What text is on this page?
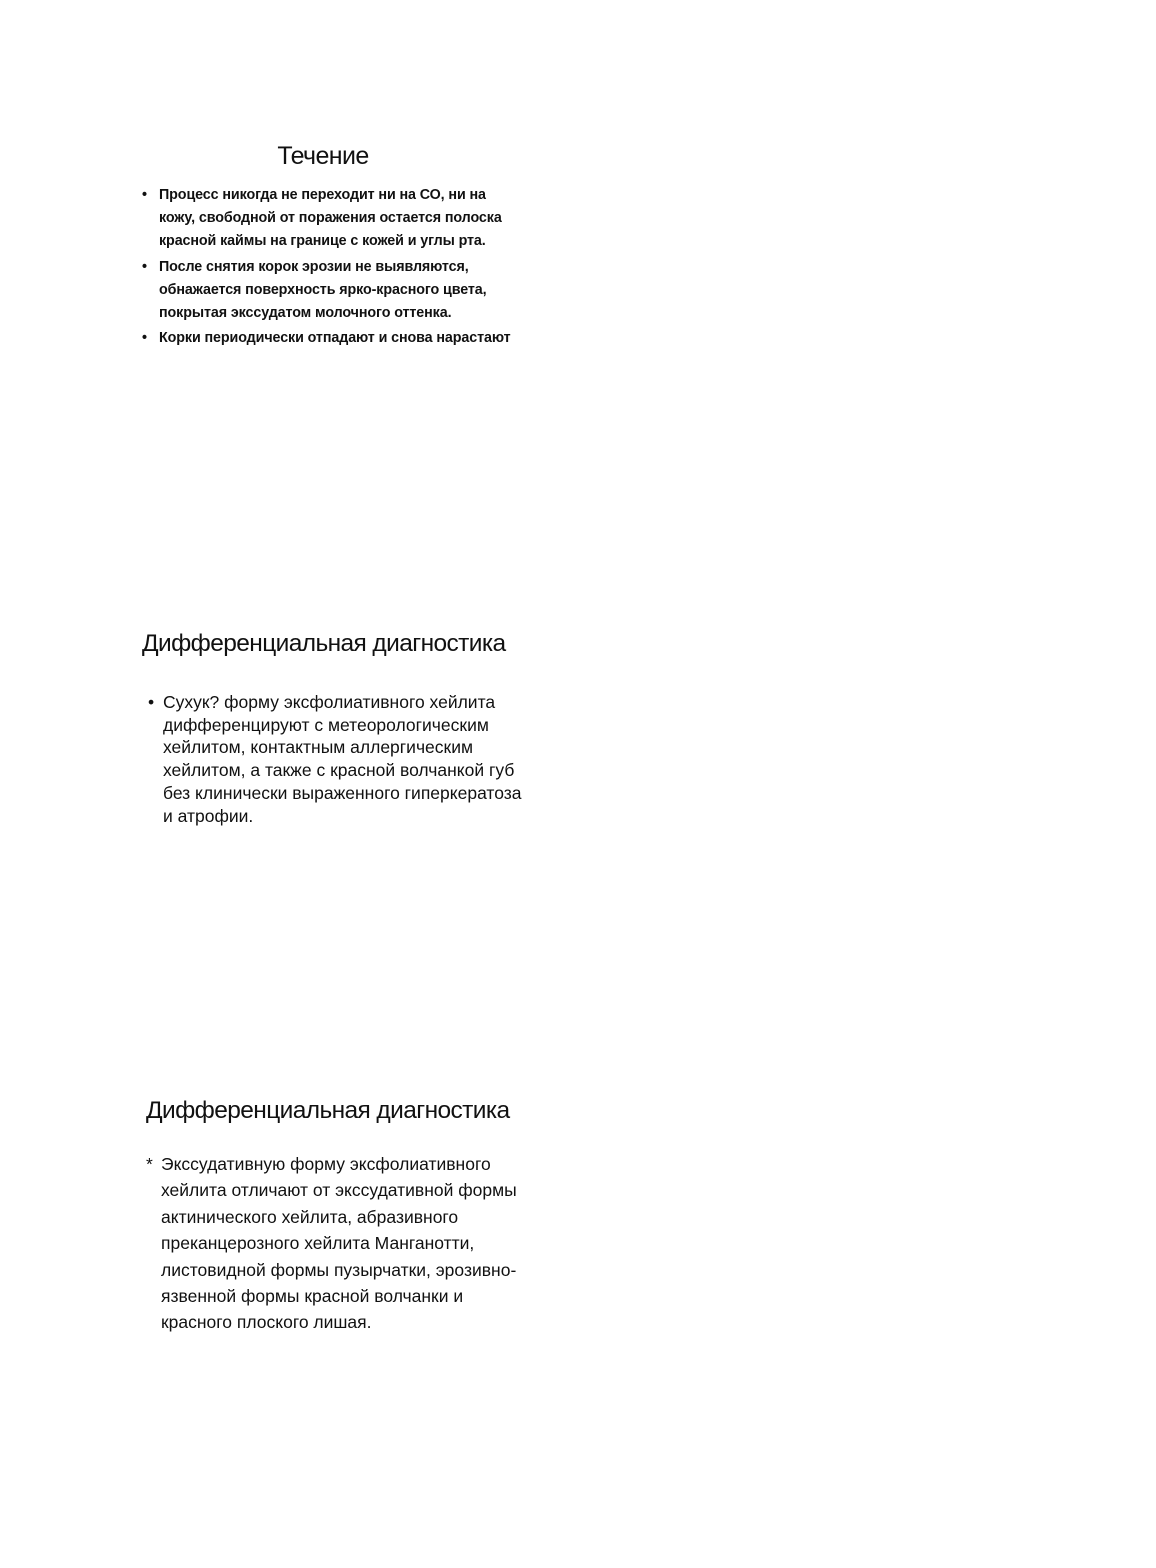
Течение
• Процесс никогда не переходит ни на СО, ни на кожу, свободной от поражения остается полоска красной каймы на границе с кожей и углы рта.
• После снятия корок эрозии не выявляются, обнажается поверхность ярко-красного цвета, покрытая экссудатом молочного оттенка.
• Корки периодически отпадают и снова нарастают
Дифференциальная диагностика
• Сухук? форму эксфолиативного хейлита дифференцируют с метеорологическим хейлитом, контактным аллергическим хейлитом, а также с красной волчанкой губ без клинически выраженного гиперкератоза и атрофии.
Дифференциальная диагностика
* Экссудативную форму эксфолиативного хейлита отличают от экссудативной формы актинического хейлита, абразивного преканцерозного хейлита Манганотти, листовидной формы пузырчатки, эрозивно-язвенной формы красной волчанки и красного плоского лишая.
